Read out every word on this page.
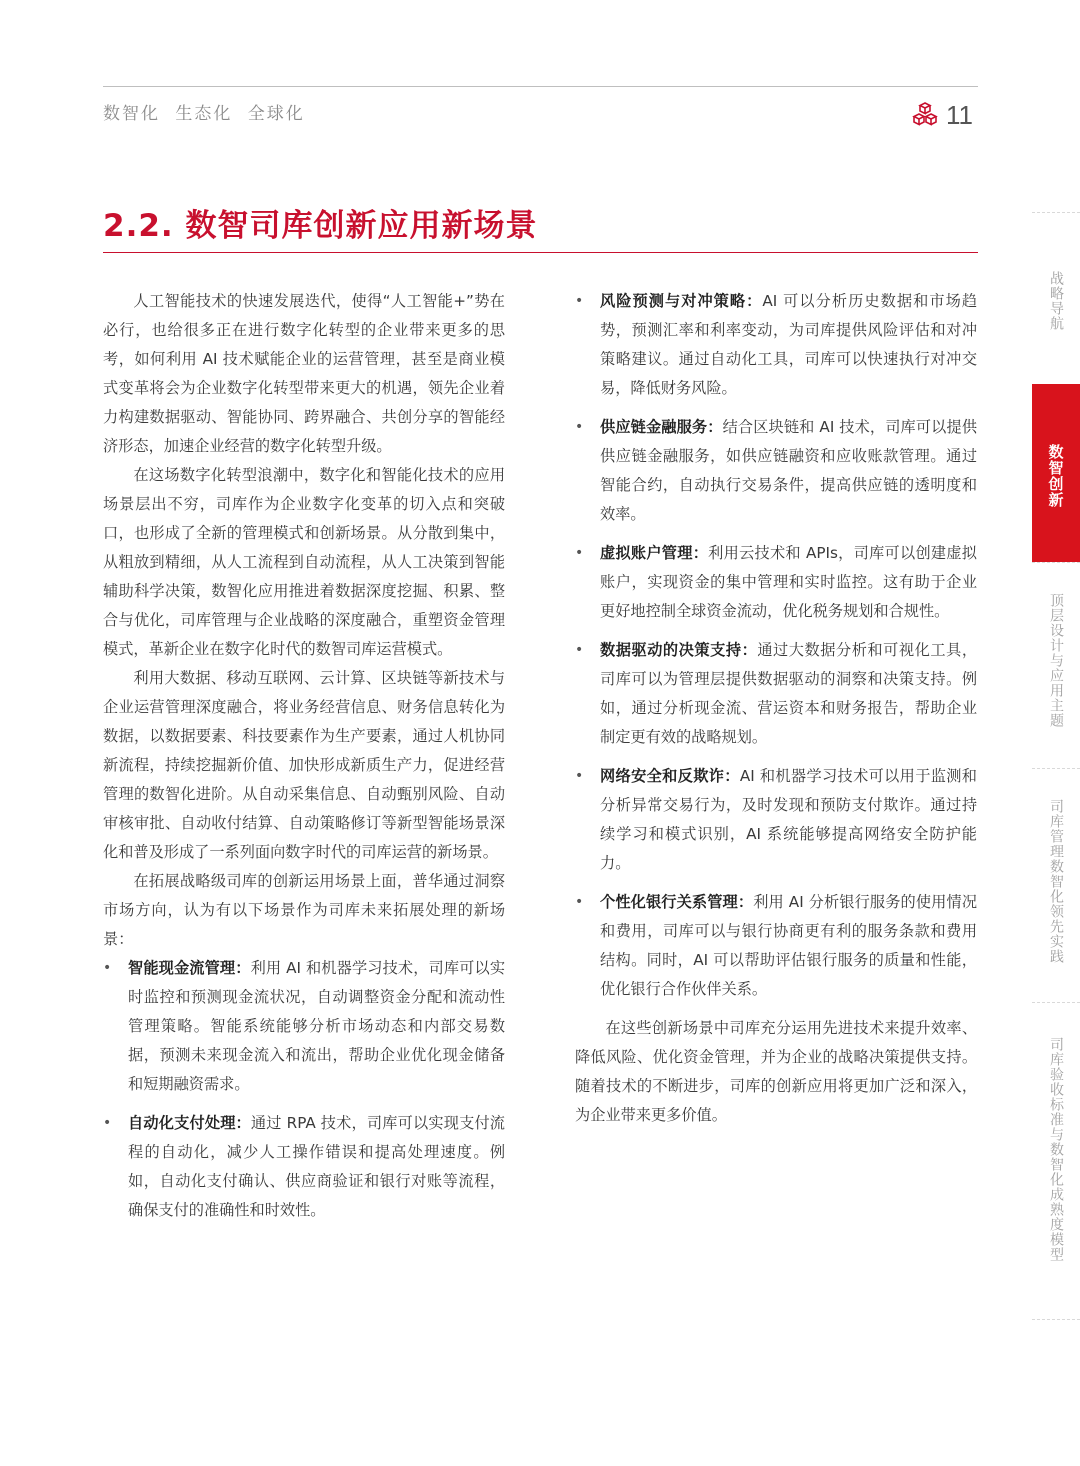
数智化 生态化 全球化	11
2.2. 数智司库创新应用新场景

人工智能技术的快速发展迭代，使得“人工智能+”势在必行，也给很多正在进行数字化转型的企业带来更多的思考，如何利用 AI 技术赋能企业的运营管理，甚至是商业模式变革将会为企业数字化转型带来更大的机遇，领先企业着力构建数据驱动、智能协同、跨界融合、共创分享的智能经济形态，加速企业经营的数字化转型升级。

在这场数字化转型浪潮中，数字化和智能化技术的应用场景层出不穷，司库作为企业数字化变革的切入点和突破口，也形成了全新的管理模式和创新场景。从分散到集中，从粗放到精细，从人工流程到自动流程，从人工决策到智能辅助科学决策，数智化应用推进着数据深度挖掘、积累、整合与优化，司库管理与企业战略的深度融合，重塑资金管理模式，革新企业在数字化时代的数智司库运营模式。

利用大数据、移动互联网、云计算、区块链等新技术与企业运营管理深度融合，将业务经营信息、财务信息转化为数据，以数据要素、科技要素作为生产要素，通过人机协同新流程，持续挖掘新价值、加快形成新质生产力，促进经营管理的数智化进阶。从自动采集信息、自动甄别风险、自动审核审批、自动收付结算、自动策略修订等新型智能场景深化和普及形成了一系列面向数字时代的司库运营的新场景。

在拓展战略级司库的创新运用场景上面，普华通过洞察市场方向，认为有以下场景作为司库未来拓展处理的新场景：

• 智能现金流管理：利用 AI 和机器学习技术，司库可以实时监控和预测现金流状况，自动调整资金分配和流动性管理策略。智能系统能够分析市场动态和内部交易数据，预测未来现金流入和流出，帮助企业优化现金储备和短期融资需求。
• 自动化支付处理：通过 RPA 技术，司库可以实现支付流程的自动化，减少人工操作错误和提高处理速度。例如，自动化支付确认、供应商验证和银行对账等流程，确保支付的准确性和时效性。
• 风险预测与对冲策略：AI 可以分析历史数据和市场趋势，预测汇率和利率变动，为司库提供风险评估和对冲策略建议。通过自动化工具，司库可以快速执行对冲交易，降低财务风险。
• 供应链金融服务：结合区块链和 AI 技术，司库可以提供供应链金融服务，如供应链融资和应收账款管理。通过智能合约，自动执行交易条件，提高供应链的透明度和效率。
• 虚拟账户管理：利用云技术和 APIs，司库可以创建虚拟账户，实现资金的集中管理和实时监控。这有助于企业更好地控制全球资金流动，优化税务规划和合规性。
• 数据驱动的决策支持：通过大数据分析和可视化工具，司库可以为管理层提供数据驱动的洞察和决策支持。例如，通过分析现金流、营运资本和财务报告，帮助企业制定更有效的战略规划。
• 网络安全和反欺诈：AI 和机器学习技术可以用于监测和分析异常交易行为，及时发现和预防支付欺诈。通过持续学习和模式识别，AI 系统能够提高网络安全防护能力。
• 个性化银行关系管理：利用 AI 分析银行服务的使用情况和费用，司库可以与银行协商更有利的服务条款和费用结构。同时，AI 可以帮助评估银行服务的质量和性能，优化银行合作伙伴关系。

在这些创新场景中司库充分运用先进技术来提升效率、降低风险、优化资金管理，并为企业的战略决策提供支持。随着技术的不断进步，司库的创新应用将更加广泛和深入，为企业带来更多价值。

战略导航
数智创新
顶层设计与应用主题
司库管理数智化领先实践
司库验收标准与数智化成熟度模型
